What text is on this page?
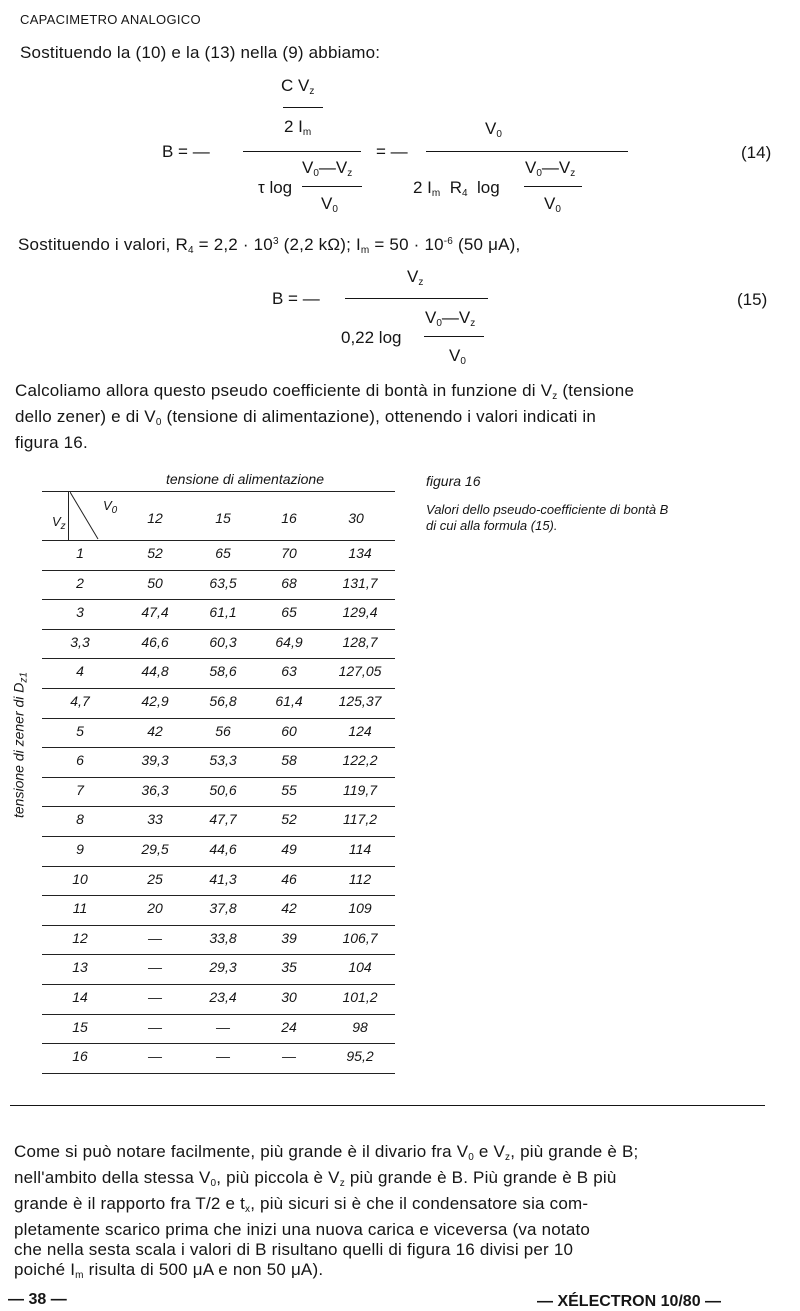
CAPACIMETRO ANALOGICO
Sostituendo la (10) e la (13) nella (9) abbiamo:
C $V_z$
2 $I_m$
B = —	= —
$V_0$
(14)
τ log
$V_0—V_z$
$V_0$
2 $I_m$ $R_4$ log
$V_0—V_z$
$V_0$
Sostituendo i valori, $R_4 = 2,2 \cdot 10^3$ (2,2 kΩ); $I_m = 50 \cdot 10^{-6}$ (50 μA),
$V_z$
B = —	(15)
0,22 log
$V_0—V_z$
$V_0$
Calcoliamo allora questo pseudo coefficiente di bontà in funzione di $V_z$ (tensione
dello zener) e di $V_0$ (tensione di alimentazione), ottenendo i valori indicati in
figura 16.
figura 16
Valori dello pseudo-coefficiente di bontà B
di cui alla formula (15).
tensione di alimentazione
tensione di zener di $D_{z1}$
$V_0$
$V_z$
12	15	16	30
1	52	65	70	134
2	50	63,5	68	131,7
3	47,4	61,1	65	129,4
3,3	46,6	60,3	64,9	128,7
4	44,8	58,6	63	127,05
4,7	42,9	56,8	61,4	125,37
5	42	56	60	124
6	39,3	53,3	58	122,2
7	36,3	50,6	55	119,7
8	33	47,7	52	117,2
9	29,5	44,6	49	114
10	25	41,3	46	112
11	20	37,8	42	109
12	—	33,8	39	106,7
13	—	29,3	35	104
14	—	23,4	30	101,2
15	—	—	24	98
16	—	—	—	95,2
Come si può notare facilmente, più grande è il divario fra $V_0$ e $V_z$, più grande è B;
nell'ambito della stessa $V_0$, più piccola è $V_z$ più grande è B. Più grande è B più
grande è il rapporto fra T/2 e $t_x$, più sicuri si è che il condensatore sia com-
pletamente scarico prima che inizi una nuova carica e viceversa (va notato
che nella sesta scala i valori di B risultano quelli di figura 16 divisi per 10
poiché $I_m$ risulta di 500 μA e non 50 μA).
— 38 —	— XÉLECTRON 10/80 —
